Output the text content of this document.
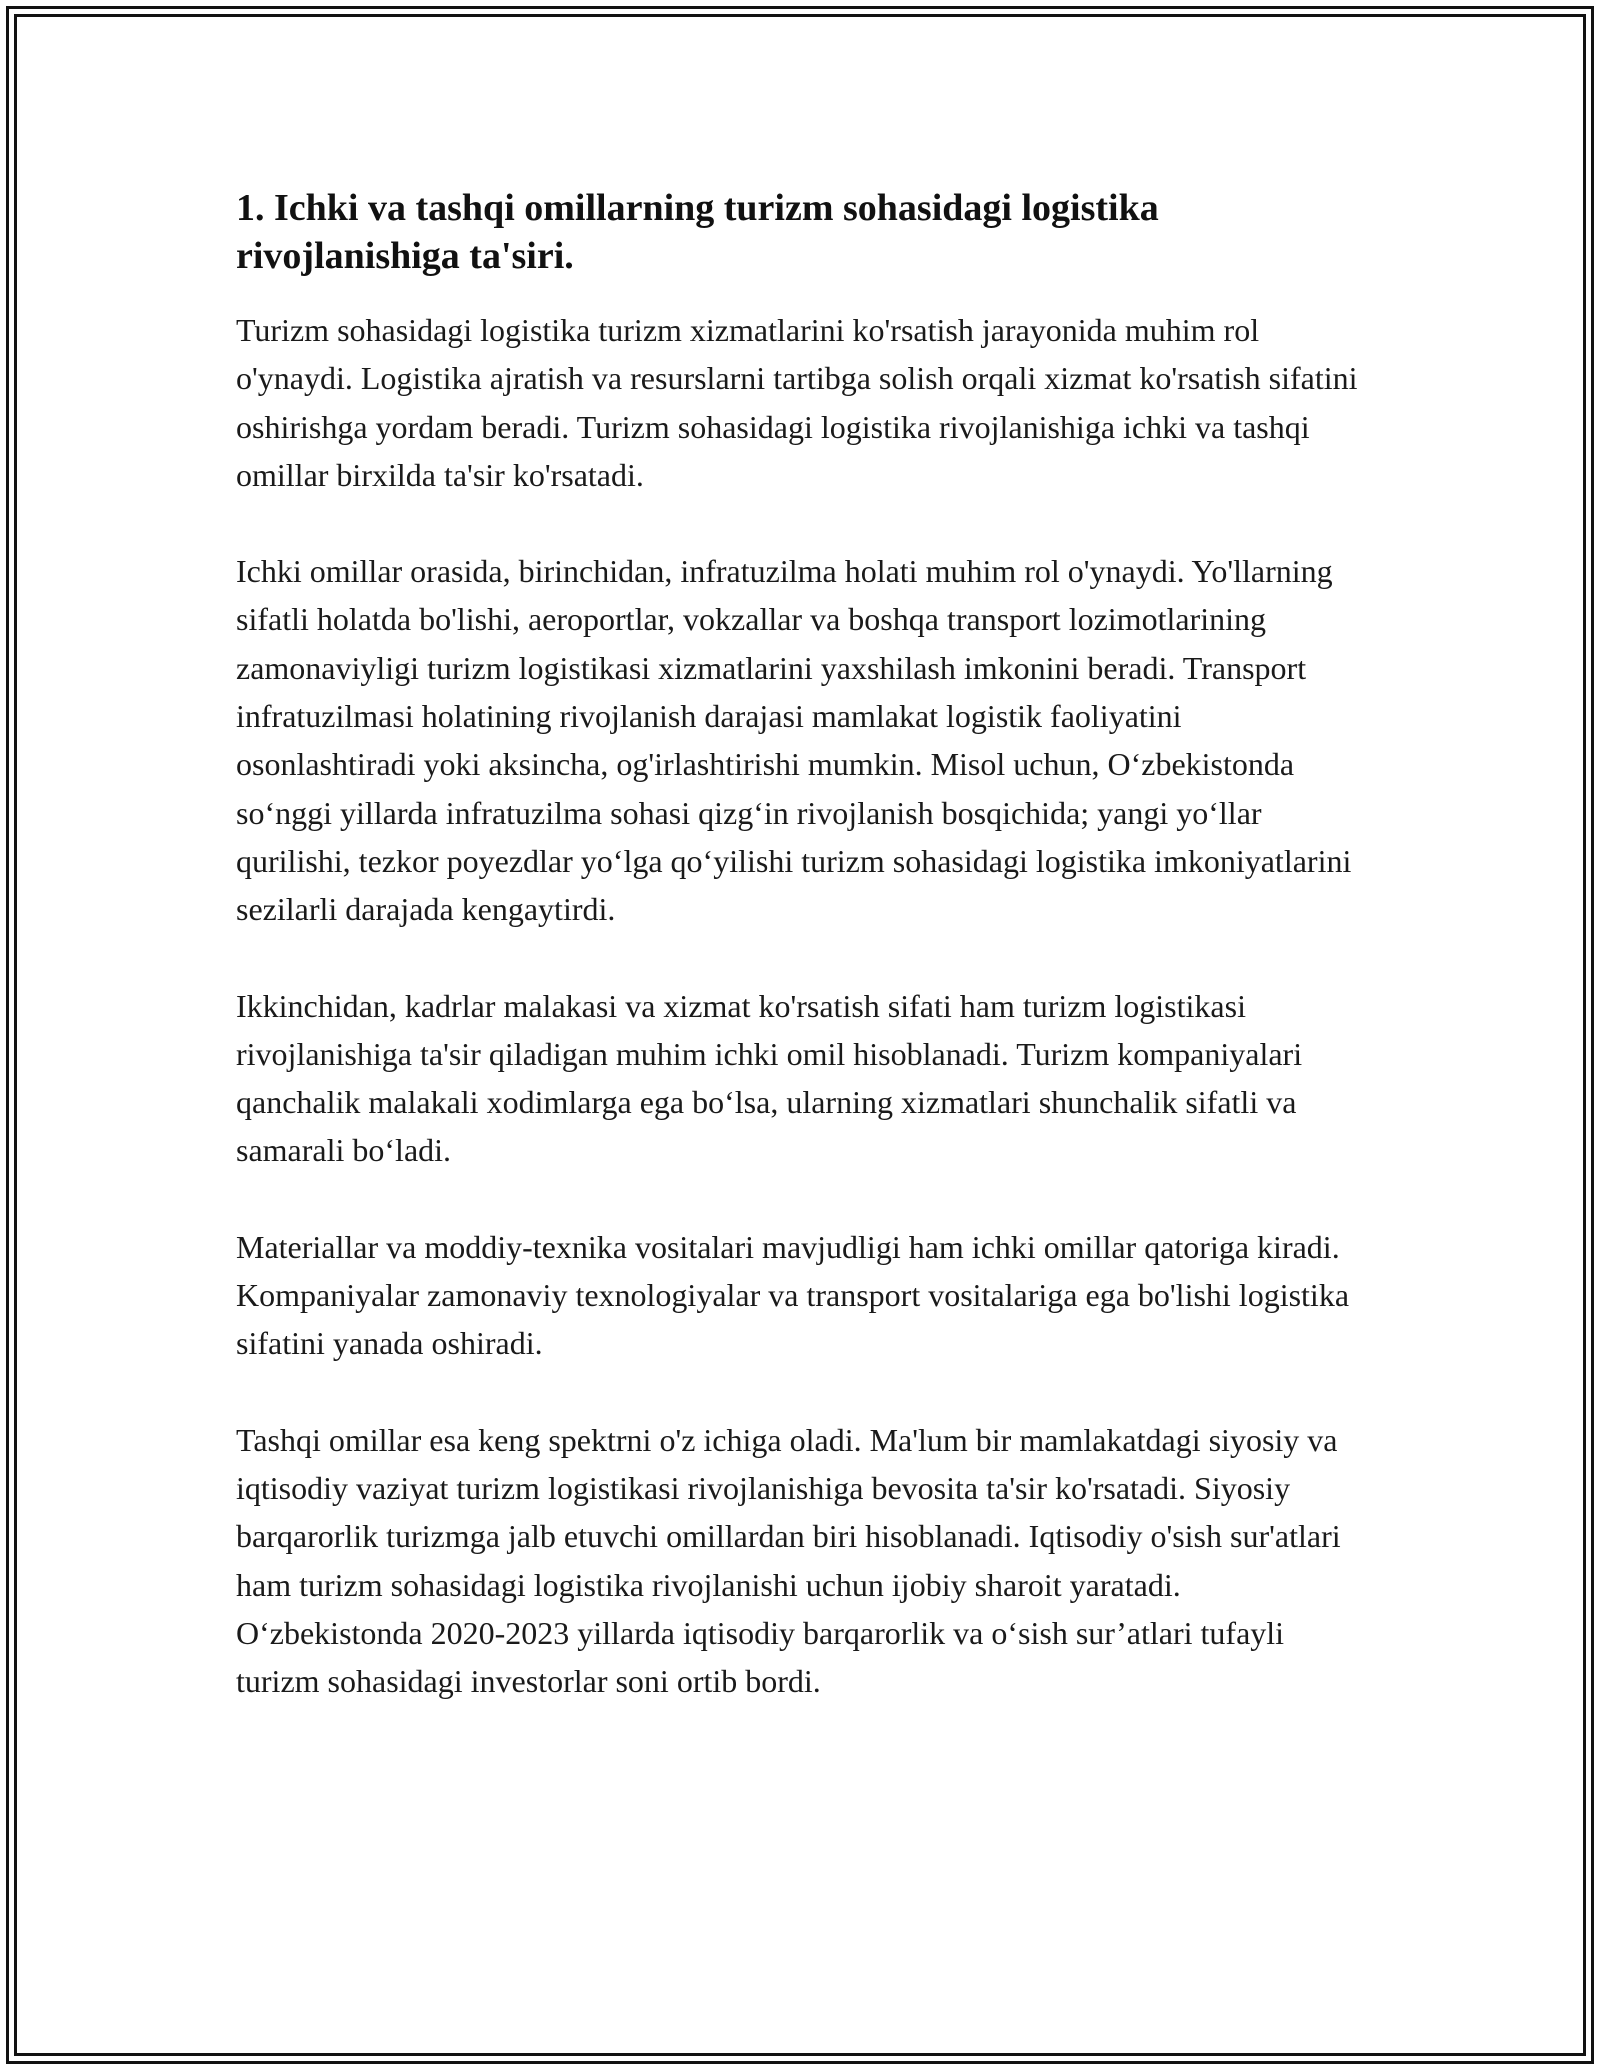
1. Ichki va tashqi omillarning turizm sohasidagi logistika rivojlanishiga ta'siri.

Turizm sohasidagi logistika turizm xizmatlarini ko'rsatish jarayonida muhim rol o'ynaydi. Logistika ajratish va resurslarni tartibga solish orqali xizmat ko'rsatish sifatini oshirishga yordam beradi. Turizm sohasidagi logistika rivojlanishiga ichki va tashqi omillar birxilda ta'sir ko'rsatadi.

Ichki omillar orasida, birinchidan, infratuzilma holati muhim rol o'ynaydi. Yo'llarning sifatli holatda bo'lishi, aeroportlar, vokzallar va boshqa transport lozimotlarining zamonaviyligi turizm logistikasi xizmatlarini yaxshilash imkonini beradi. Transport infratuzilmasi holatining rivojlanish darajasi mamlakat logistik faoliyatini osonlashtiradi yoki aksincha, og'irlashtirishi mumkin. Misol uchun, O‘zbekistonda so‘nggi yillarda infratuzilma sohasi qizg‘in rivojlanish bosqichida; yangi yo‘llar qurilishi, tezkor poyezdlar yo‘lga qo‘yilishi turizm sohasidagi logistika imkoniyatlarini sezilarli darajada kengaytirdi.

Ikkinchidan, kadrlar malakasi va xizmat ko'rsatish sifati ham turizm logistikasi rivojlanishiga ta'sir qiladigan muhim ichki omil hisoblanadi. Turizm kompaniyalari qanchalik malakali xodimlarga ega bo‘lsa, ularning xizmatlari shunchalik sifatli va samarali bo‘ladi.

Materiallar va moddiy-texnika vositalari mavjudligi ham ichki omillar qatoriga kiradi. Kompaniyalar zamonaviy texnologiyalar va transport vositalariga ega bo'lishi logistika sifatini yanada oshiradi.

Tashqi omillar esa keng spektrni o'z ichiga oladi. Ma'lum bir mamlakatdagi siyosiy va iqtisodiy vaziyat turizm logistikasi rivojlanishiga bevosita ta'sir ko'rsatadi. Siyosiy barqarorlik turizmga jalb etuvchi omillardan biri hisoblanadi. Iqtisodiy o'sish sur'atlari ham turizm sohasidagi logistika rivojlanishi uchun ijobiy sharoit yaratadi. O‘zbekistonda 2020-2023 yillarda iqtisodiy barqarorlik va o‘sish sur’atlari tufayli turizm sohasidagi investorlar soni ortib bordi.
